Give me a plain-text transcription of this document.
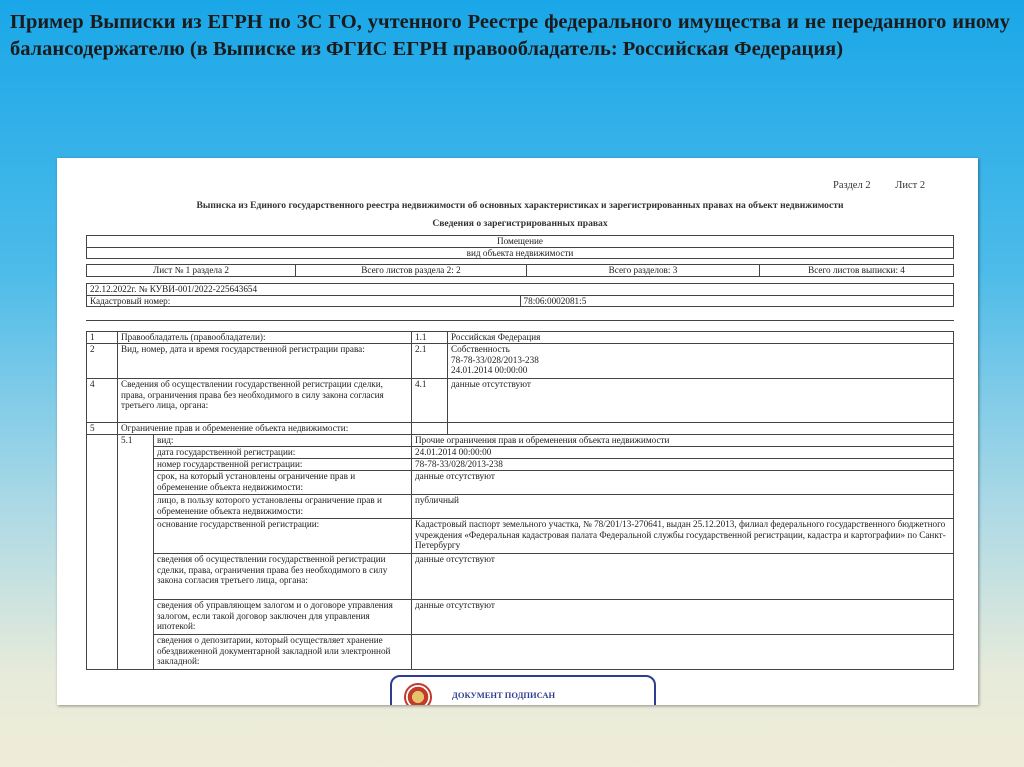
Пример Выписки из ЕГРН по ЗС ГО, учтенного Реестре федерального имущества и не переданного иному балансодержателю (в Выписке из ФГИС ЕГРН правообладатель: Российская Федерация)
Раздел 2 Лист 2
Выписка из Единого государственного реестра недвижимости об основных характеристиках и зарегистрированных правах на объект недвижимости
Сведения о зарегистрированных правах
Помещение
вид объекта недвижимости
Лист № 1 раздела 2	Всего листов раздела 2: 2	Всего разделов: 3	Всего листов выписки: 4
22.12.2022г. № КУВИ-001/2022-225643654
Кадастровый номер:	78:06:0002081:5
1	Правообладатель (правообладатели):		1.1	Российская Федерация
2	Вид, номер, дата и время государственной регистрации права:		2.1	Собственность
78-78-33/028/2013-238
24.01.2014 00:00:00

4	Сведения об осуществлении государственной регистрации сделки, права, ограничения права без необходимого в силу закона согласия третьего лица, органа:		4.1	данные отсутствуют
5	Ограничение прав и обременение объекта недвижимости:			
	5.1	вид:	Прочие ограничения прав и обременения объекта недвижимости	
		дата государственной регистрации:	24.01.2014 00:00:00	
		номер государственной регистрации:	78-78-33/028/2013-238	
		срок, на который установлены ограничение прав и обременение объекта недвижимости:	данные отсутствуют	
		лицо, в пользу которого установлены ограничение прав и обременение объекта недвижимости:	публичный	
		основание государственной регистрации:	Кадастровый паспорт земельного участка, № 78/201/13-270641, выдан 25.12.2013, филиал федерального государственного бюджетного учреждения «Федеральная кадастровая палата Федеральной службы государственной регистрации, кадастра и картографии» по Санкт-Петербургу	
		сведения об осуществлении государственной регистрации сделки, права, ограничения права без необходимого в силу закона согласия третьего лица, органа:	данные отсутствуют	
		сведения об управляющем залогом и о договоре управления залогом, если такой договор заключен для управления ипотекой:	данные отсутствуют	
		сведения о депозитарии, который осуществляет хранение обездвиженной документарной закладной или электронной закладной:		
ДОКУМЕНТ ПОДПИСАН
